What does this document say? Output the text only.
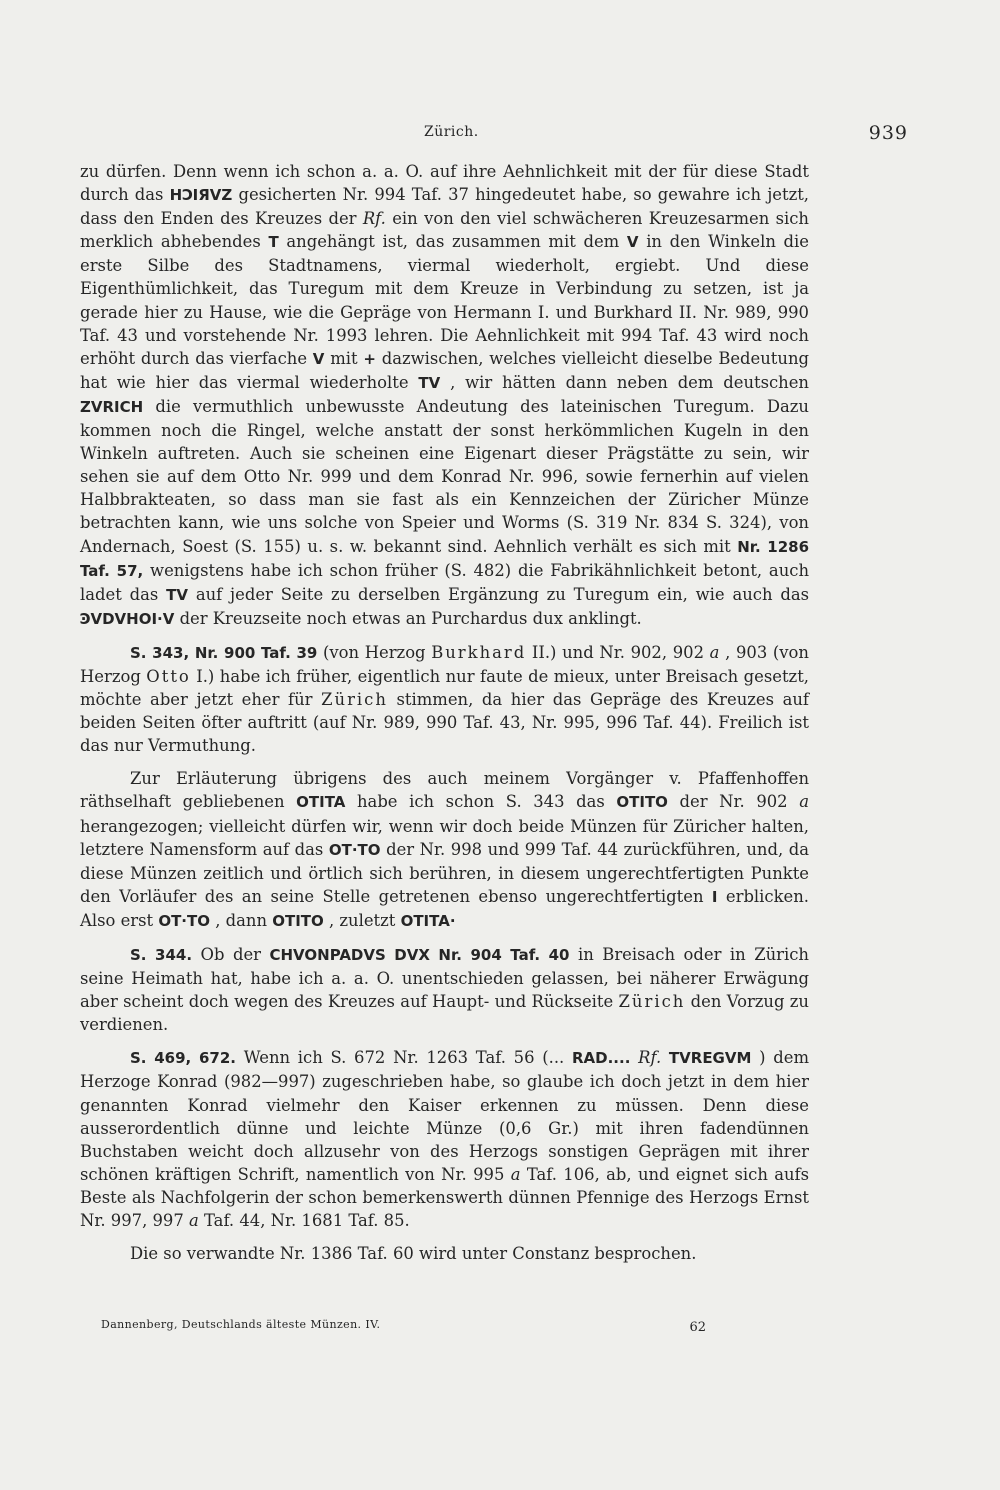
Zürich.	939

zu dürfen. Denn wenn ich schon a. a. O. auf ihre Aehnlichkeit mit der für diese Stadt durch das HϽIЯVZ gesicherten Nr. 994 Taf. 37 hingedeutet habe, so gewahre ich jetzt, dass den Enden des Kreuzes der Rf. ein von den viel schwächeren Kreuzesarmen sich merklich abhebendes T angehängt ist, das zusammen mit dem V in den Winkeln die erste Silbe des Stadtnamens, viermal wiederholt, ergiebt. Und diese Eigenthümlichkeit, das Turegum mit dem Kreuze in Verbindung zu setzen, ist ja gerade hier zu Hause, wie die Gepräge von Hermann I. und Burkhard II. Nr. 989, 990 Taf. 43 und vorstehende Nr. 1993 lehren. Die Aehnlichkeit mit 994 Taf. 43 wird noch erhöht durch das vierfache V mit + dazwischen, welches vielleicht dieselbe Bedeutung hat wie hier das viermal wiederholte TV , wir hätten dann neben dem deutschen ZVRICH die vermuthlich unbewusste Andeutung des lateinischen Turegum. Dazu kommen noch die Ringel, welche anstatt der sonst herkömmlichen Kugeln in den Winkeln auftreten. Auch sie scheinen eine Eigenart dieser Prägstätte zu sein, wir sehen sie auf dem Otto Nr. 999 und dem Konrad Nr. 996, sowie fernerhin auf vielen Halbbrakteaten, so dass man sie fast als ein Kennzeichen der Züricher Münze betrachten kann, wie uns solche von Speier und Worms (S. 319 Nr. 834 S. 324), von Andernach, Soest (S. 155) u. s. w. bekannt sind. Aehnlich verhält es sich mit Nr. 1286 Taf. 57, wenigstens habe ich schon früher (S. 482) die Fabrikähnlichkeit betont, auch ladet das TV auf jeder Seite zu derselben Ergänzung zu Turegum ein, wie auch das ϿVDVHOI·V der Kreuzseite noch etwas an Purchardus dux anklingt.

S. 343, Nr. 900 Taf. 39 (von Herzog Burkhard II.) und Nr. 902, 902 a , 903 (von Herzog Otto I.) habe ich früher, eigentlich nur faute de mieux, unter Breisach gesetzt, möchte aber jetzt eher für Zürich stimmen, da hier das Gepräge des Kreuzes auf beiden Seiten öfter auftritt (auf Nr. 989, 990 Taf. 43, Nr. 995, 996 Taf. 44). Freilich ist das nur Vermuthung.

Zur Erläuterung übrigens des auch meinem Vorgänger v. Pfaffenhoffen räthselhaft gebliebenen OTITA habe ich schon S. 343 das OTITO der Nr. 902 a herangezogen; vielleicht dürfen wir, wenn wir doch beide Münzen für Züricher halten, letztere Namensform auf das OT·TO der Nr. 998 und 999 Taf. 44 zurückführen, und, da diese Münzen zeitlich und örtlich sich berühren, in diesem ungerechtfertigten Punkte den Vorläufer des an seine Stelle getretenen ebenso ungerechtfertigten I erblicken. Also erst OT·TO , dann OTITO , zuletzt OTITA·

S. 344. Ob der CHVONPADVS DVX Nr. 904 Taf. 40 in Breisach oder in Zürich seine Heimath hat, habe ich a. a. O. unentschieden gelassen, bei näherer Erwägung aber scheint doch wegen des Kreuzes auf Haupt- und Rückseite Zürich den Vorzug zu verdienen.

S. 469, 672. Wenn ich S. 672 Nr. 1263 Taf. 56 (... RAD.... Rf. TVREGVM ) dem Herzoge Konrad (982—997) zugeschrieben habe, so glaube ich doch jetzt in dem hier genannten Konrad vielmehr den Kaiser erkennen zu müssen. Denn diese ausserordentlich dünne und leichte Münze (0,6 Gr.) mit ihren fadendünnen Buchstaben weicht doch allzusehr von des Herzogs sonstigen Geprägen mit ihrer schönen kräftigen Schrift, namentlich von Nr. 995 a Taf. 106, ab, und eignet sich aufs Beste als Nachfolgerin der schon bemerkenswerth dünnen Pfennige des Herzogs Ernst Nr. 997, 997 a Taf. 44, Nr. 1681 Taf. 85.

Die so verwandte Nr. 1386 Taf. 60 wird unter Constanz besprochen.

Dannenberg, Deutschlands älteste Münzen. IV.	62
